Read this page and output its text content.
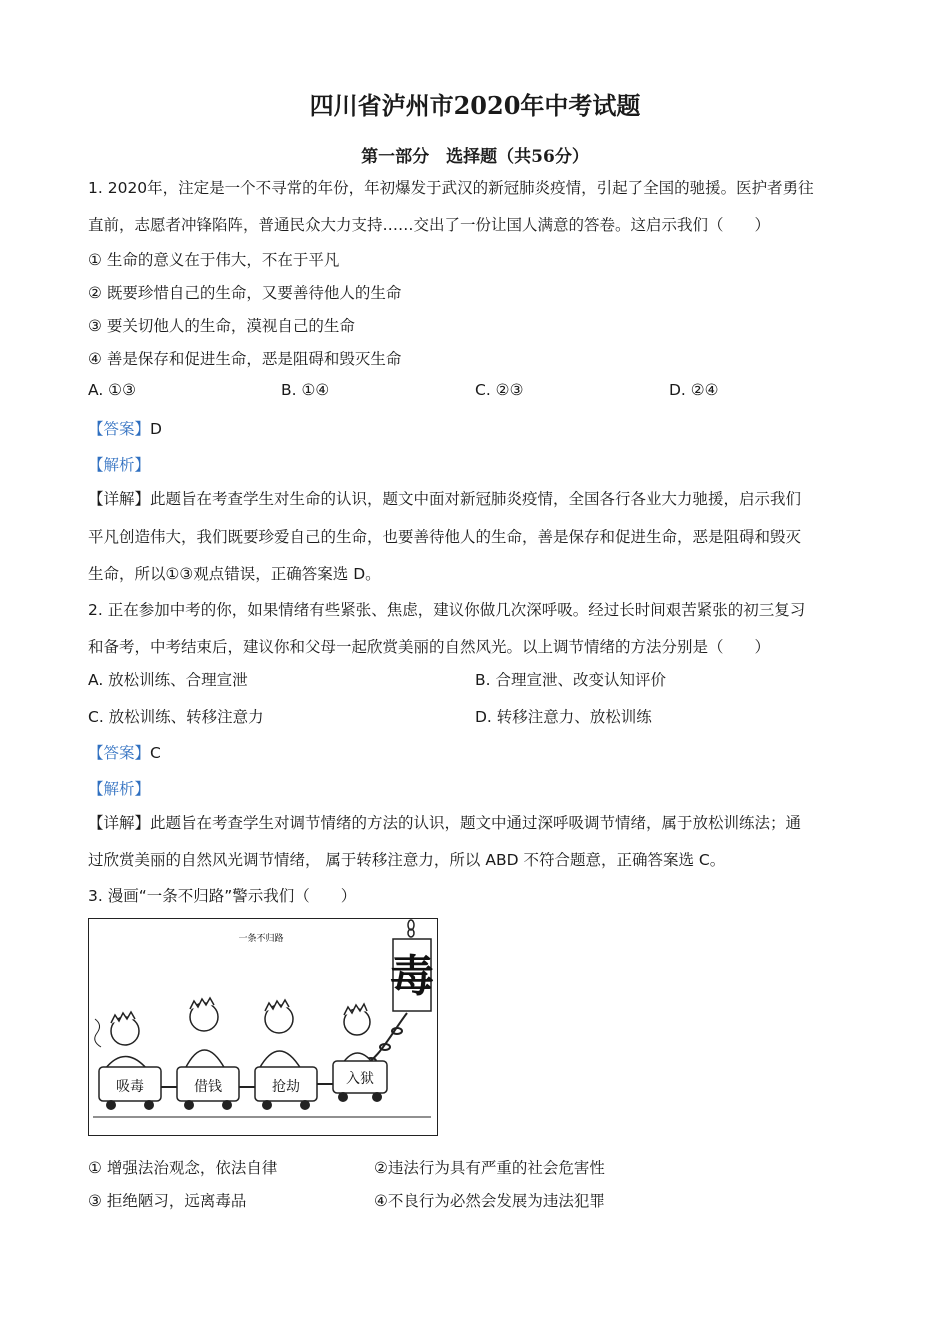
四川省泸州市2020年中考试题
第一部分　选择题（共56分）
1. 2020年，注定是一个不寻常的年份，年初爆发于武汉的新冠肺炎疫情，引起了全国的驰援。医护者勇往
直前，志愿者冲锋陷阵，普通民众大力支持……交出了一份让国人满意的答卷。这启示我们（　　）
① 生命的意义在于伟大，不在于平凡
② 既要珍惜自己的生命，又要善待他人的生命
③ 要关切他人的生命，漠视自己的生命
④ 善是保存和促进生命，恶是阻碍和毁灭生命
A. ①③	B. ①④	C. ②③	D. ②④
【答案】D
【解析】
【详解】此题旨在考查学生对生命的认识，题文中面对新冠肺炎疫情，全国各行各业大力驰援，启示我们
平凡创造伟大，我们既要珍爱自己的生命，也要善待他人的生命，善是保存和促进生命，恶是阻碍和毁灭
生命，所以①③观点错误，正确答案选 D。
2. 正在参加中考的你，如果情绪有些紧张、焦虑，建议你做几次深呼吸。经过长时间艰苦紧张的初三复习
和备考，中考结束后，建议你和父母一起欣赏美丽的自然风光。以上调节情绪的方法分别是（　　）
A. 放松训练、合理宣泄	B. 合理宣泄、改变认知评价
C. 放松训练、转移注意力	D. 转移注意力、放松训练
【答案】C
【解析】
【详解】此题旨在考查学生对调节情绪的方法的认识，题文中通过深呼吸调节情绪，属于放松训练法；通
过欣赏美丽的自然风光调节情绪， 属于转移注意力，所以 ABD 不符合题意，正确答案选 C。
3. 漫画“一条不归路”警示我们（　　）
一条不归路
毒
吸毒	借钱	抢劫	入狱
① 增强法治观念，依法自律	②违法行为具有严重的社会危害性
③ 拒绝陋习，远离毒品	④不良行为必然会发展为违法犯罪
